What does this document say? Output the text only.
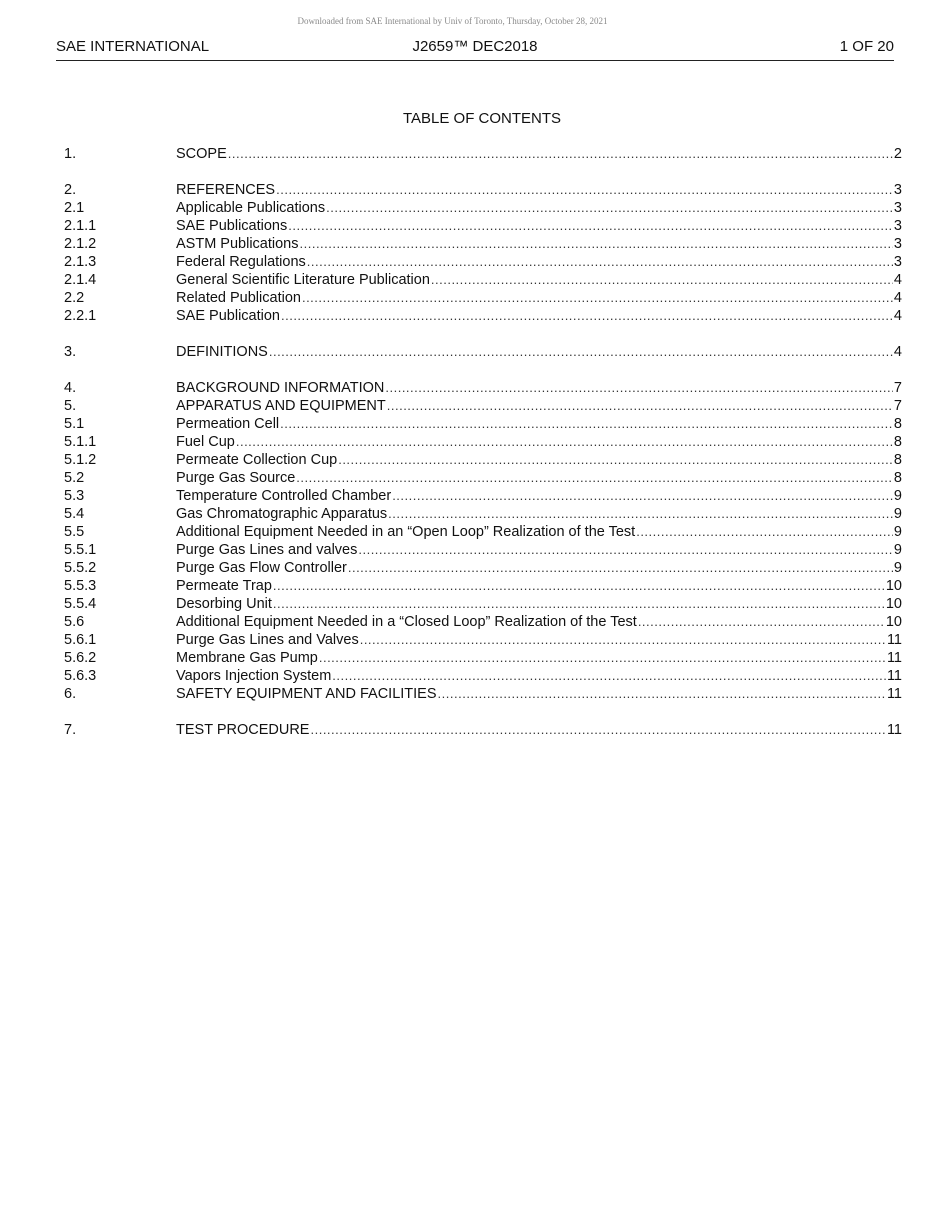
Downloaded from SAE International by Univ of Toronto, Thursday, October 28, 2021
SAE INTERNATIONAL	J2659™ DEC2018	1 OF 20
TABLE OF CONTENTS
1.	SCOPE .....	2
2.	REFERENCES .....	3
2.1	Applicable Publications .....	3
2.1.1	SAE Publications .....	3
2.1.2	ASTM Publications .....	3
2.1.3	Federal Regulations .....	3
2.1.4	General Scientific Literature Publication .....	4
2.2	Related Publication .....	4
2.2.1	SAE Publication .....	4
3.	DEFINITIONS .....	4
4.	BACKGROUND INFORMATION .....	7
5.	APPARATUS AND EQUIPMENT .....	7
5.1	Permeation Cell .....	8
5.1.1	Fuel Cup .....	8
5.1.2	Permeate Collection Cup .....	8
5.2	Purge Gas Source .....	8
5.3	Temperature Controlled Chamber .....	9
5.4	Gas Chromatographic Apparatus .....	9
5.5	Additional Equipment Needed in an “Open Loop” Realization of the Test .....	9
5.5.1	Purge Gas Lines and valves .....	9
5.5.2	Purge Gas Flow Controller .....	9
5.5.3	Permeate Trap .....	10
5.5.4	Desorbing Unit .....	10
5.6	Additional Equipment Needed in a “Closed Loop” Realization of the Test .....	10
5.6.1	Purge Gas Lines and Valves .....	11
5.6.2	Membrane Gas Pump .....	11
5.6.3	Vapors Injection System .....	11
6.	SAFETY EQUIPMENT AND FACILITIES .....	11
7.	TEST PROCEDURE .....	11
